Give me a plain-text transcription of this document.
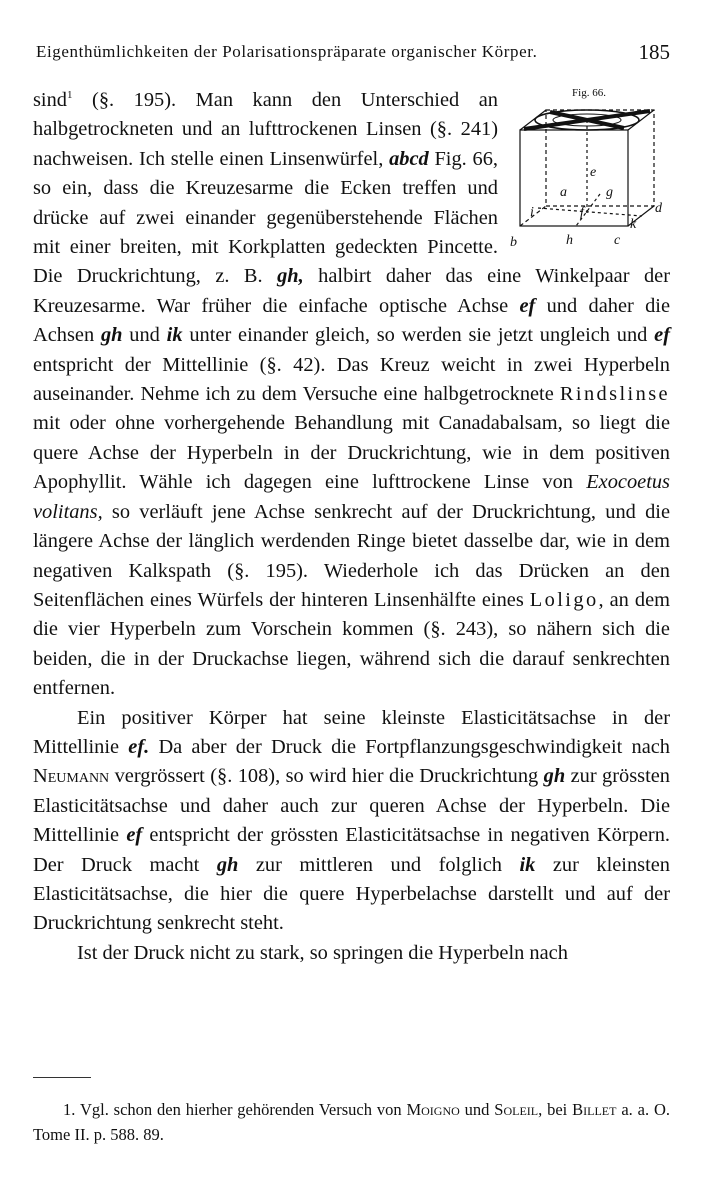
Eigenthümlichkeiten der Polarisationspräparate organischer Körper.	185

Fig. 66.
e
a	g
f
i	d
k
b	h	c
sind$^1$ (§. 195). Man kann den Unterschied an halbgetrockneten und an lufttrockenen Linsen (§. 241) nachweisen. Ich stelle einen Linsenwürfel, abcd Fig. 66, so ein, dass die Kreuzesarme die Ecken treffen und drücke auf zwei einander gegenüberstehende Flächen mit einer breiten, mit Korkplatten gedeckten Pincette. Die Druckrichtung, z. B. gh, halbirt daher das eine Winkelpaar der Kreuzesarme. War früher die einfache optische Achse ef und daher die Achsen gh und ik unter einander gleich, so werden sie jetzt ungleich und ef entspricht der Mittellinie (§. 42). Das Kreuz weicht in zwei Hyperbeln auseinander. Nehme ich zu dem Versuche eine halbgetrocknete Rindslinse mit oder ohne vorhergehende Behandlung mit Canadabalsam, so liegt die quere Achse der Hyperbeln in der Druckrichtung, wie in dem positiven Apophyllit. Wähle ich dagegen eine lufttrockene Linse von Exocoetus volitans, so verläuft jene Achse senkrecht auf der Druckrichtung, und die längere Achse der länglich werdenden Ringe bietet dasselbe dar, wie in dem negativen Kalkspath (§. 195). Wiederhole ich das Drücken an den Seitenflächen eines Würfels der hinteren Linsenhälfte eines Loligo, an dem die vier Hyperbeln zum Vorschein kommen (§. 243), so nähern sich die beiden, die in der Druckachse liegen, während sich die darauf senkrechten entfernen.

Ein positiver Körper hat seine kleinste Elasticitätsachse in der Mittellinie ef. Da aber der Druck die Fortpflanzungsgeschwindigkeit nach Neumann vergrössert (§. 108), so wird hier die Druckrichtung gh zur grössten Elasticitätsachse und daher auch zur queren Achse der Hyperbeln. Die Mittellinie ef entspricht der grössten Elasticitätsachse in negativen Körpern. Der Druck macht gh zur mittleren und folglich ik zur kleinsten Elasticitätsachse, die hier die quere Hyperbelachse darstellt und auf der Druckrichtung senkrecht steht.

Ist der Druck nicht zu stark, so springen die Hyperbeln nach

1. Vgl. schon den hierher gehörenden Versuch von Moigno und Soleil, bei Billet a. a. O. Tome II. p. 588. 89.
